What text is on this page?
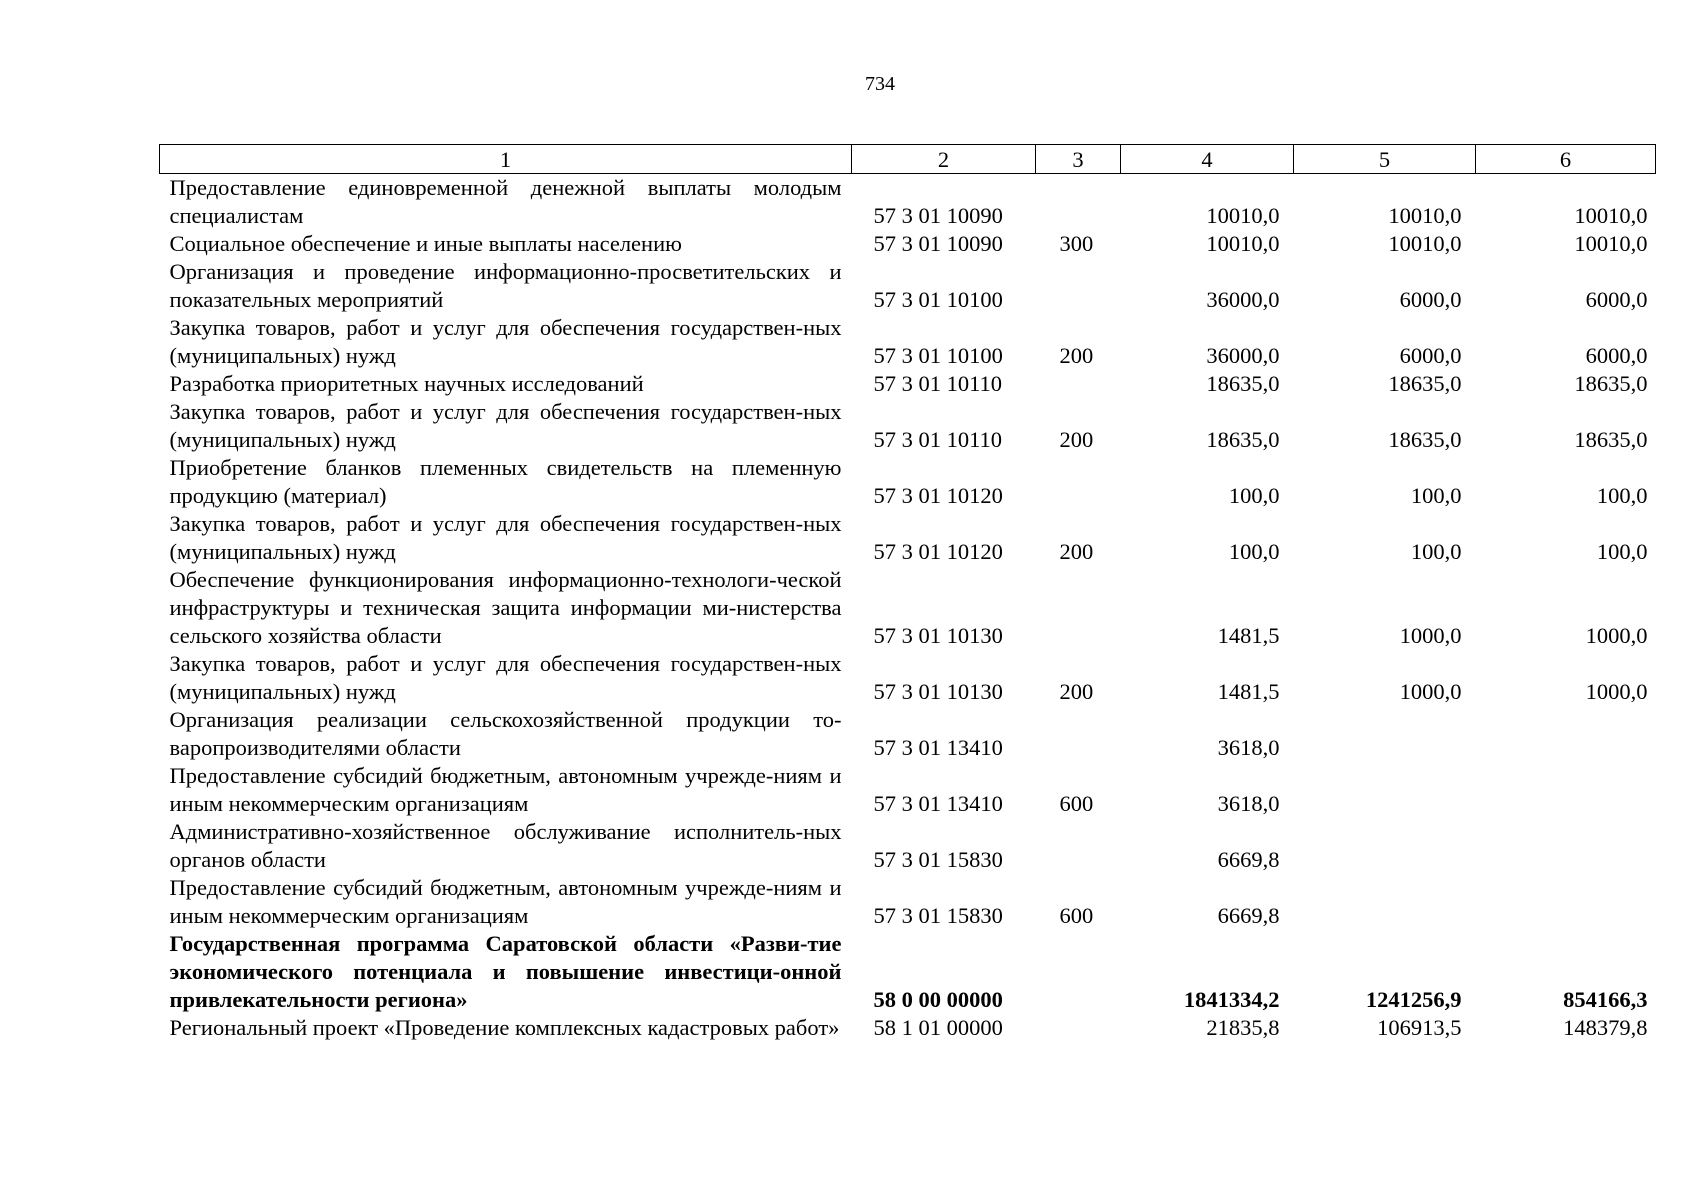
734
1	2	3	4	5	6
Предоставление единовременной денежной выплаты молодым специалистам	57 3 01 10090		10010,0	10010,0	10010,0
Социальное обеспечение и иные выплаты населению	57 3 01 10090	300	10010,0	10010,0	10010,0
Организация и проведение информационно-просветительских и показательных мероприятий	57 3 01 10100		36000,0	6000,0	6000,0
Закупка товаров, работ и услуг для обеспечения государствен-ных (муниципальных) нужд	57 3 01 10100	200	36000,0	6000,0	6000,0
Разработка приоритетных научных исследований	57 3 01 10110		18635,0	18635,0	18635,0
Закупка товаров, работ и услуг для обеспечения государствен-ных (муниципальных) нужд	57 3 01 10110	200	18635,0	18635,0	18635,0
Приобретение бланков племенных свидетельств на племенную продукцию (материал)	57 3 01 10120		100,0	100,0	100,0
Закупка товаров, работ и услуг для обеспечения государствен-ных (муниципальных) нужд	57 3 01 10120	200	100,0	100,0	100,0
Обеспечение функционирования информационно-технологи-ческой инфраструктуры и техническая защита информации ми-нистерства сельского хозяйства области	57 3 01 10130		1481,5	1000,0	1000,0
Закупка товаров, работ и услуг для обеспечения государствен-ных (муниципальных) нужд	57 3 01 10130	200	1481,5	1000,0	1000,0
Организация реализации сельскохозяйственной продукции то-варопроизводителями области	57 3 01 13410		3618,0		
Предоставление субсидий бюджетным, автономным учрежде-ниям и иным некоммерческим организациям	57 3 01 13410	600	3618,0		
Административно-хозяйственное обслуживание исполнитель-ных органов области	57 3 01 15830		6669,8		
Предоставление субсидий бюджетным, автономным учрежде-ниям и иным некоммерческим организациям	57 3 01 15830	600	6669,8		
Государственная программа Саратовской области «Разви-тие экономического потенциала и повышение инвестици-онной привлекательности региона»	58 0 00 00000		1841334,2	1241256,9	854166,3
Региональный проект «Проведение комплексных кадастровых работ»	58 1 01 00000		21835,8	106913,5	148379,8
